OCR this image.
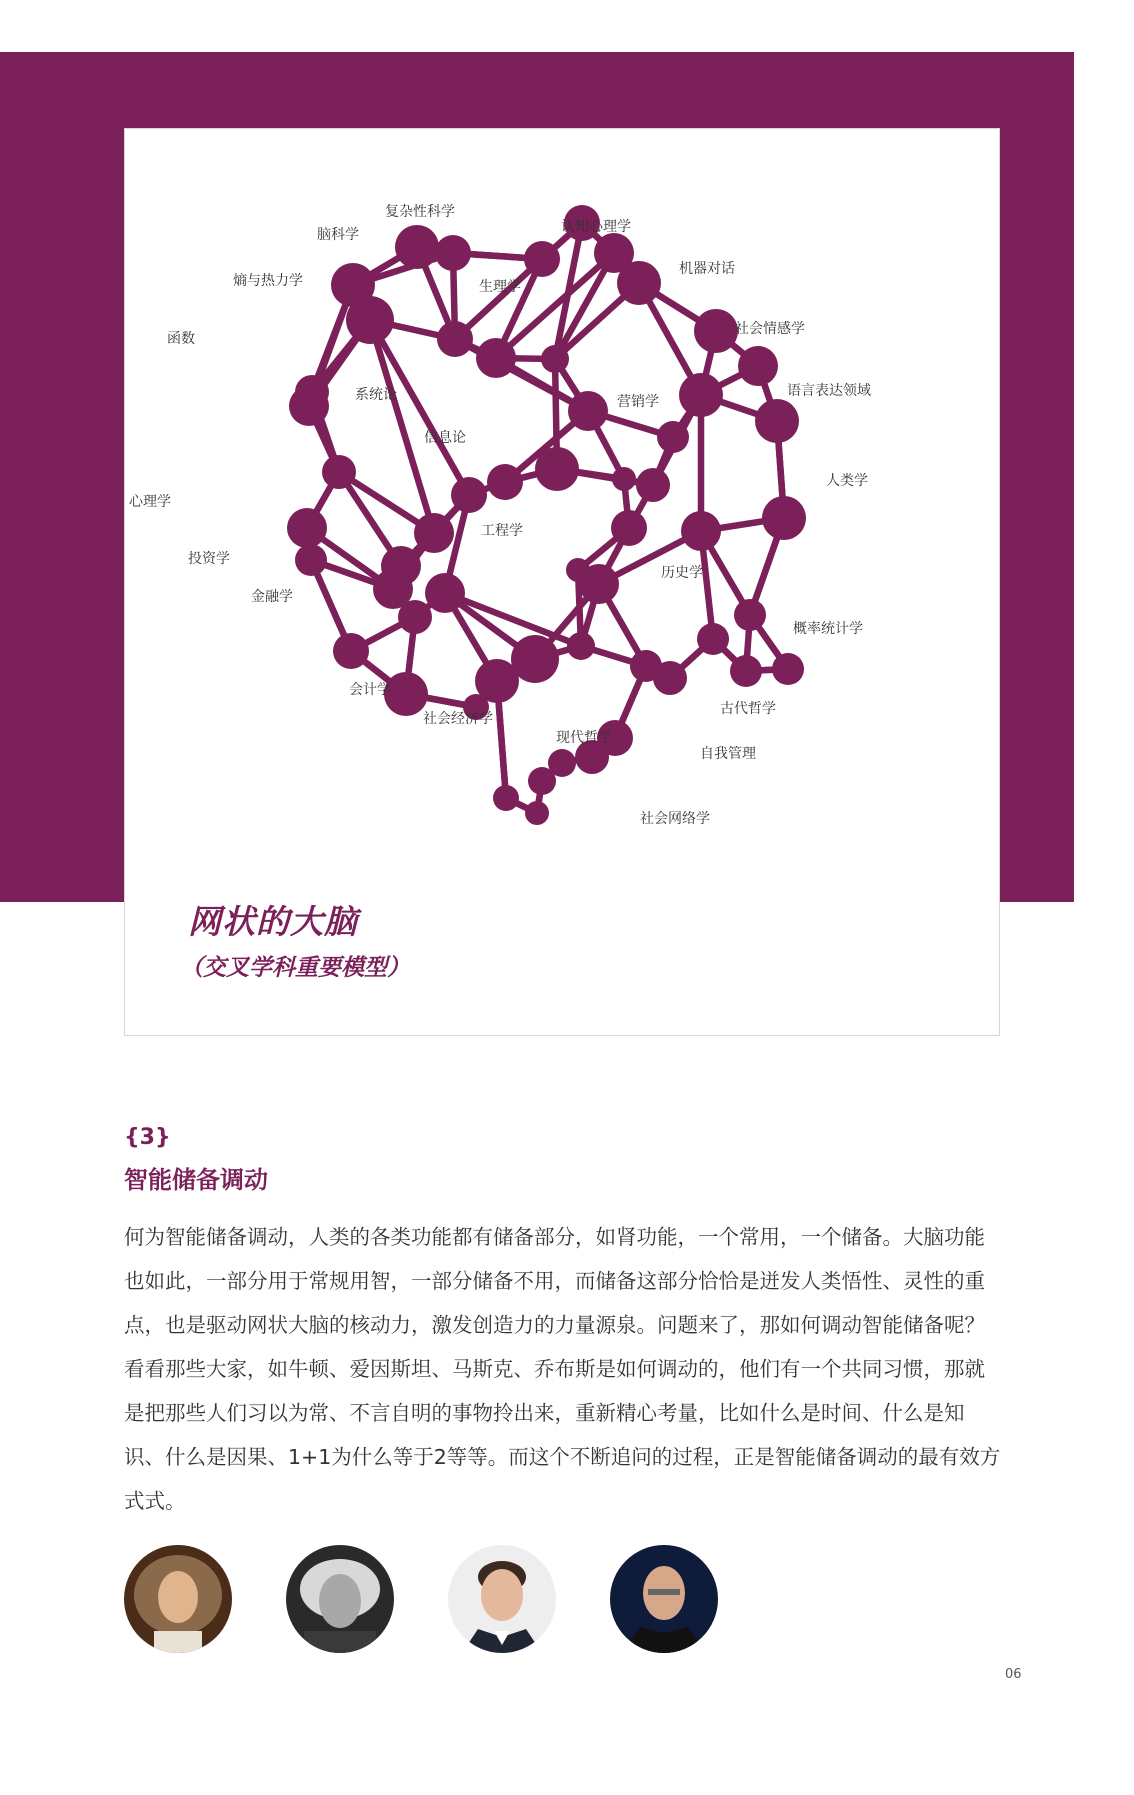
复杂性科学
认知心理学
脑科学
生理学
机器对话
熵与热力学
社会情感学
函数
系统论	营销学
语言表达领域
信息论
心理学
人类学
工程学
投资学
历史学
金融学
概率统计学
会计学
古代哲学
社会经济学
现代哲学
自我管理
社会网络学
网状的大脑
（交叉学科重要模型）
{3}
智能储备调动

何为智能储备调动，人类的各类功能都有储备部分，如肾功能，一个常用，一个储备。大脑功能也如此，一部分用于常规用智，一部分储备不用，而储备这部分恰恰是迸发人类悟性、灵性的重点，也是驱动网状大脑的核动力，激发创造力的力量源泉。问题来了，那如何调动智能储备呢？看看那些大家，如牛顿、爱因斯坦、马斯克、乔布斯是如何调动的，他们有一个共同习惯，那就是把那些人们习以为常、不言自明的事物拎出来，重新精心考量，比如什么是时间、什么是知识、什么是因果、1+1为什么等于2等等。而这个不断追问的过程，正是智能储备调动的最有效方式式。

06
